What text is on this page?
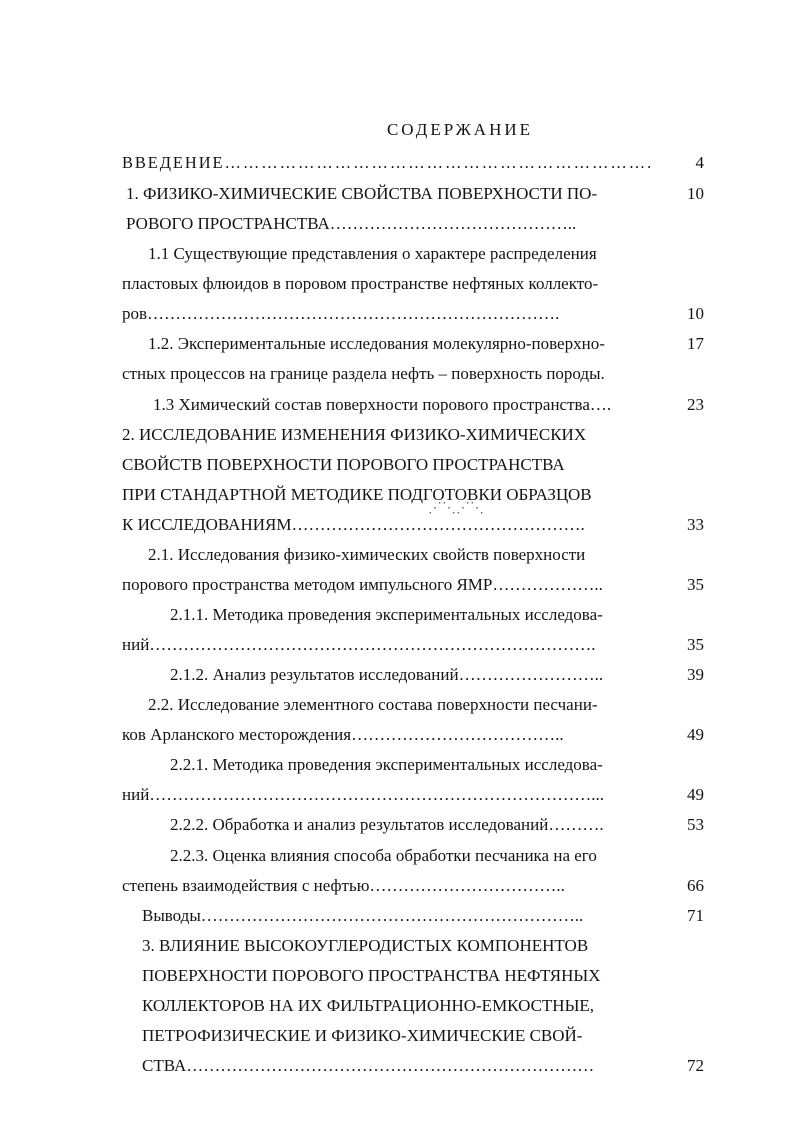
СОДЕРЖАНИЕ
ВВЕДЕНИЕ…………………………………………………………….	4
1. ФИЗИКО-ХИМИЧЕСКИЕ СВОЙСТВА ПОВЕРХНОСТИ ПО-	10
РОВОГО ПРОСТРАНСТВА……………………………………..
1.1 Существующие представления о характере распределения
пластовых флюидов в поровом пространстве нефтяных коллекто-
ров……………………………………………………………….	10
1.2. Экспериментальные исследования молекулярно-поверхно-	17
стных процессов на границе раздела нефть – поверхность породы.
1.3 Химический состав поверхности порового пространства….	23
2. ИССЛЕДОВАНИЕ ИЗМЕНЕНИЯ ФИЗИКО-ХИМИЧЕСКИХ
СВОЙСТВ ПОВЕРХНОСТИ ПОРОВОГО ПРОСТРАНСТВА
ПРИ СТАНДАРТНОЙ МЕТОДИКЕ ПОДГОТОВКИ ОБРАЗЦОВ
К ИССЛЕДОВАНИЯМ…………………………………………….	33
⋰⋱⋰⋱
2.1. Исследования физико-химических свойств поверхности
порового пространства методом импульсного ЯМР………………..	35
2.1.1. Методика проведения экспериментальных исследова-
ний…………………………………………………………………….	35
2.1.2. Анализ результатов исследований……………………..	39
2.2. Исследование элементного состава поверхности песчани-
ков Арланского месторождения………………………………..	49
2.2.1. Методика проведения экспериментальных исследова-
ний……………………………………………………………………...	49
2.2.2. Обработка и анализ результатов исследований……….	53
2.2.3. Оценка влияния способа обработки песчаника на его
степень взаимодействия с нефтью……………………………..	66
Выводы…………………………………………………………..	71
3. ВЛИЯНИЕ ВЫСОКОУГЛЕРОДИСТЫХ КОМПОНЕНТОВ
ПОВЕРХНОСТИ ПОРОВОГО ПРОСТРАНСТВА НЕФТЯНЫХ
КОЛЛЕКТОРОВ НА ИХ ФИЛЬТРАЦИОННО-ЕМКОСТНЫЕ,
ПЕТРОФИЗИЧЕСКИЕ И ФИЗИКО-ХИМИЧЕСКИЕ СВОЙ-
СТВА………………………………………………………………	72
